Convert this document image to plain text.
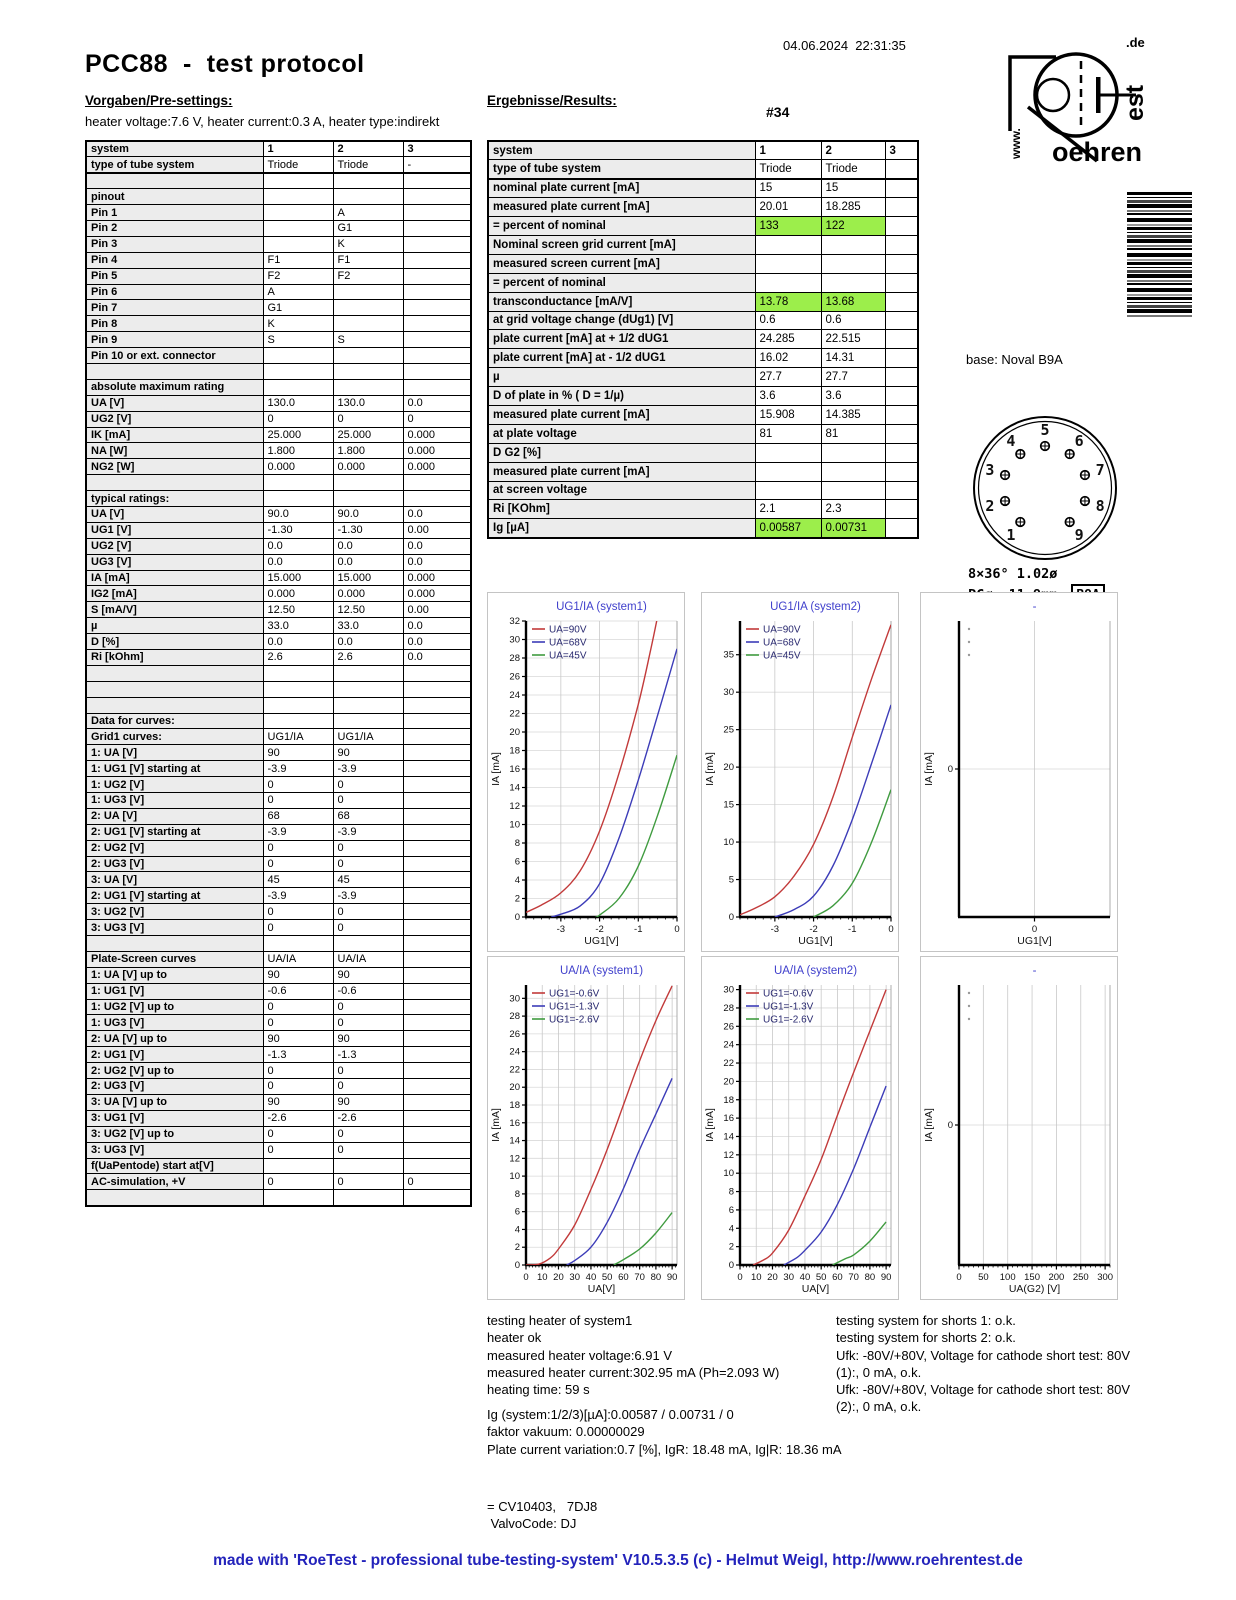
04.06.2024  22:31:35
PCC88  -  test protocol
Vorgaben/Pre-settings:
heater voltage:7.6 V, heater current:0.3 A, heater type:indirekt
Ergebnisse/Results:
#34
www. oehren
est
.de
base: Noval B9A
1
2
3
4
5
6
7
8
9
8×36° 1.02ø
system	1	2	3
type of tube system	Triode	Triode	-

pinout			
Pin 1		A	
Pin 2		G1	
Pin 3		K	
Pin 4	F1	F1	
Pin 5	F2	F2	
Pin 6	A		
Pin 7	G1		
Pin 8	K		
Pin 9	S	S	
Pin 10 or ext. connector			

absolute maximum rating			
UA [V]	130.0	130.0	0.0
UG2 [V]	0	0	0
IK [mA]	25.000	25.000	0.000
NA [W]	1.800	1.800	0.000
NG2 [W]	0.000	0.000	0.000

typical ratings:			
UA [V]	90.0	90.0	0.0
UG1 [V]	-1.30	-1.30	0.00
UG2 [V]	0.0	0.0	0.0
UG3 [V]	0.0	0.0	0.0
IA [mA]	15.000	15.000	0.000
IG2 [mA]	0.000	0.000	0.000
S [mA/V]	12.50	12.50	0.00
µ	33.0	33.0	0.0
D [%]	0.0	0.0	0.0
Ri [kOhm]	2.6	2.6	0.0

Data for curves:			
Grid1 curves:	UG1/IA	UG1/IA	
1: UA [V]	90	90	
1: UG1 [V] starting at	-3.9	-3.9	
1: UG2 [V]	0	0	
1: UG3 [V]	0	0	
2: UA [V]	68	68	
2: UG1 [V] starting at	-3.9	-3.9	
2: UG2 [V]	0	0	
2: UG3 [V]	0	0	
3: UA [V]	45	45	
2: UG1 [V] starting at	-3.9	-3.9	
3: UG2 [V]	0	0	
3: UG3 [V]	0	0	

Plate-Screen curves	UA/IA	UA/IA	
1: UA [V] up to	90	90	
1: UG1 [V]	-0.6	-0.6	
1: UG2 [V] up to	0	0	
1: UG3 [V]	0	0	
2: UA [V] up to	90	90	
2: UG1 [V]	-1.3	-1.3	
2: UG2 [V] up to	0	0	
2: UG3 [V]	0	0	
3: UA [V] up to	90	90	
3: UG1 [V]	-2.6	-2.6	
3: UG2 [V] up to	0	0	
3: UG3 [V]	0	0	
f(UaPentode) start at[V]			
AC-simulation, +V	0	0	0

system	1	2	3
type of tube system	Triode	Triode	
nominal plate current [mA]	15	15	
measured plate current [mA]	20.01	18.285	
= percent of nominal	133	122	
Nominal screen grid current [mA]			
measured screen current [mA]			
= percent of nominal			
transconductance [mA/V]	13.78	13.68	
at grid voltage change (dUg1) [V]	0.6	0.6	
plate current [mA] at + 1/2 dUG1	24.285	22.515	
plate current [mA] at - 1/2 dUG1	16.02	14.31	
µ	27.7	27.7	
D of plate in % ( D = 1/µ)	3.6	3.6	
measured plate current [mA]	15.908	14.385	
at plate voltage	81	81	
D G2 [%]			
measured plate current [mA]			
at screen voltage			
Ri [KOhm]	2.1	2.3	
Ig [µA]	0.00587	0.00731	
UG1/IA (system1)
-3	-2	-1	0
0
2
4
6
8
10
12
14
16
18
20
22
24
26
28
30
32
UG1[V]
IA [mA]
UA=90V
UA=68V
UA=45V
UG1/IA (system2)
-3	-2	-1	0
0
5
10
15
20
25
30
35
UG1[V]
IA [mA]
UA=90V
UA=68V
UA=45V
-
0
0
UG1[V]
IA [mA]
UA/IA (system1)
0 10 20 30 40 50 60 70 80 90
0
2
4
6
8
10
12
14
16
18
20
22
24
26
28
30
UA[V]
IA [mA]
UG1=-0.6V
UG1=-1.3V
UG1=-2.6V
UA/IA (system2)
0 10 20 30 40 50 60 70 80 90
0
2
4
6
8
10
12
14
16
18
20
22
24
26
28
30
UA[V]
IA [mA]
UG1=-0.6V
UG1=-1.3V
UG1=-2.6V
-
0 50 100 150 200 250 300
0
UA(G2) [V]
IA [mA]
testing heater of system1
heater ok
measured heater voltage:6.91 V
measured heater current:302.95 mA (Ph=2.093 W)
heating time: 59 s
testing system for shorts 1: o.k.
testing system for shorts 2: o.k.
Ufk: -80V/+80V, Voltage for cathode short test: 80V
(1):, 0 mA, o.k.
Ufk: -80V/+80V, Voltage for cathode short test: 80V
(2):, 0 mA, o.k.
Ig (system:1/2/3)[µA]:0.00587 / 0.00731 / 0
faktor vakuum: 0.00000029
Plate current variation:0.7 [%], IgR: 18.48 mA, Ig|R: 18.36 mA
= CV10403,   7DJ8
ValvoCode: DJ
made with 'RoeTest - professional tube-testing-system' V10.5.3.5 (c) - Helmut Weigl, http://www.roehrentest.de
